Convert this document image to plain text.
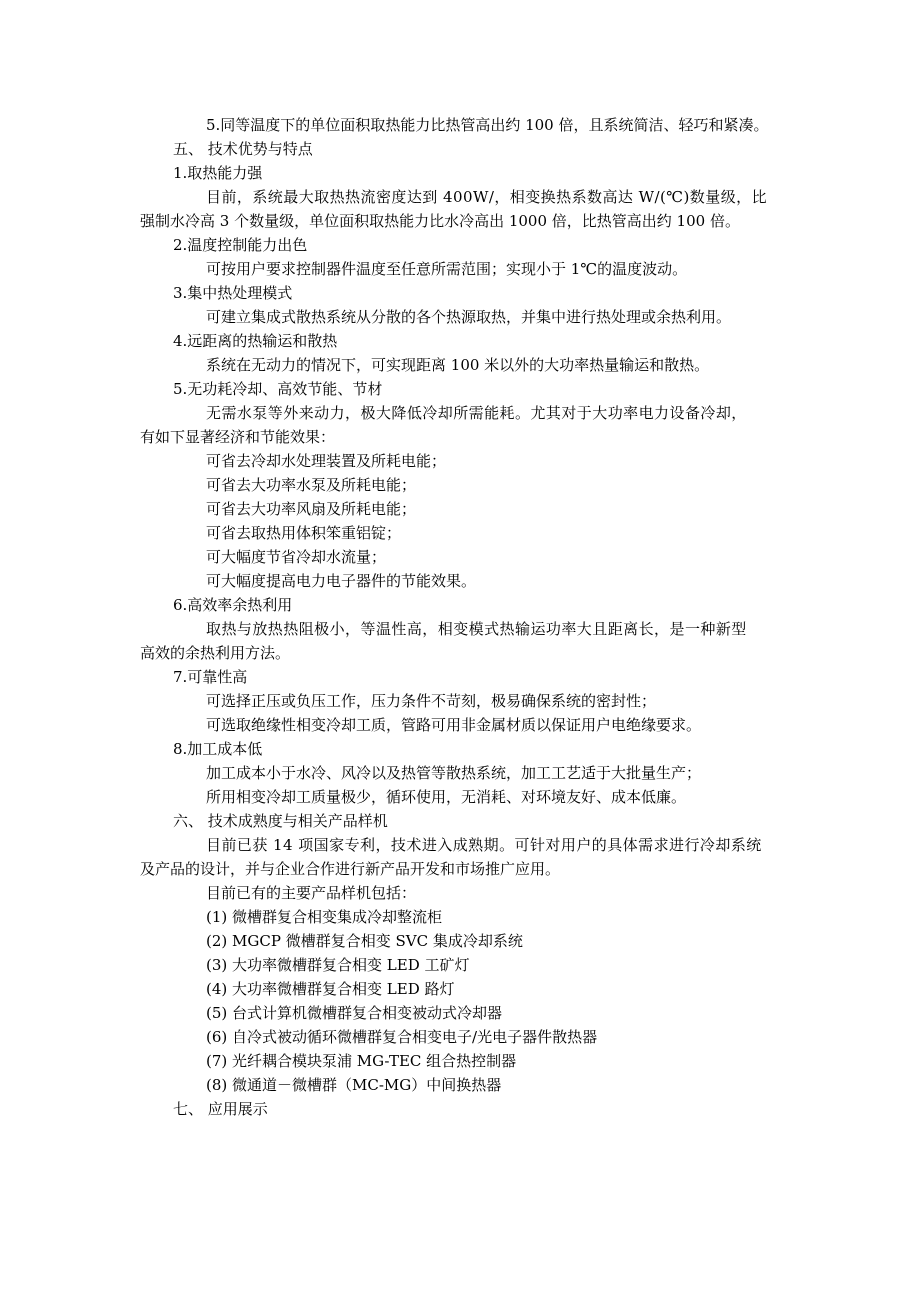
5.同等温度下的单位面积取热能力比热管高出约 100 倍，且系统简洁、轻巧和紧凑。
五、 技术优势与特点
1.取热能力强
目前，系统最大取热热流密度达到 400W/，相变换热系数高达 W/(℃)数量级，比
强制水冷高 3 个数量级，单位面积取热能力比水冷高出 1000 倍，比热管高出约 100 倍。
2.温度控制能力出色
可按用户要求控制器件温度至任意所需范围；实现小于 1℃的温度波动。
3.集中热处理模式
可建立集成式散热系统从分散的各个热源取热，并集中进行热处理或余热利用。
4.远距离的热输运和散热
系统在无动力的情况下，可实现距离 100 米以外的大功率热量输运和散热。
5.无功耗冷却、高效节能、节材
无需水泵等外来动力，极大降低冷却所需能耗。尤其对于大功率电力设备冷却，
有如下显著经济和节能效果：
可省去冷却水处理装置及所耗电能；
可省去大功率水泵及所耗电能；
可省去大功率风扇及所耗电能；
可省去取热用体积笨重铝锭；
可大幅度节省冷却水流量；
可大幅度提高电力电子器件的节能效果。
6.高效率余热利用
取热与放热热阻极小，等温性高，相变模式热输运功率大且距离长，是一种新型
高效的余热利用方法。
7.可靠性高
可选择正压或负压工作，压力条件不苛刻，极易确保系统的密封性；
可选取绝缘性相变冷却工质，管路可用非金属材质以保证用户电绝缘要求。
8.加工成本低
加工成本小于水冷、风冷以及热管等散热系统，加工工艺适于大批量生产；
所用相变冷却工质量极少，循环使用，无消耗、对环境友好、成本低廉。
六、 技术成熟度与相关产品样机
目前已获 14 项国家专利，技术进入成熟期。可针对用户的具体需求进行冷却系统
及产品的设计，并与企业合作进行新产品开发和市场推广应用。
目前已有的主要产品样机包括：
(1) 微槽群复合相变集成冷却整流柜
(2) MGCP 微槽群复合相变 SVC 集成冷却系统
(3) 大功率微槽群复合相变 LED 工矿灯
(4) 大功率微槽群复合相变 LED 路灯
(5) 台式计算机微槽群复合相变被动式冷却器
(6) 自冷式被动循环微槽群复合相变电子/光电子器件散热器
(7) 光纤耦合模块泵浦 MG-TEC 组合热控制器
(8) 微通道－微槽群（MC-MG）中间换热器
七、 应用展示
